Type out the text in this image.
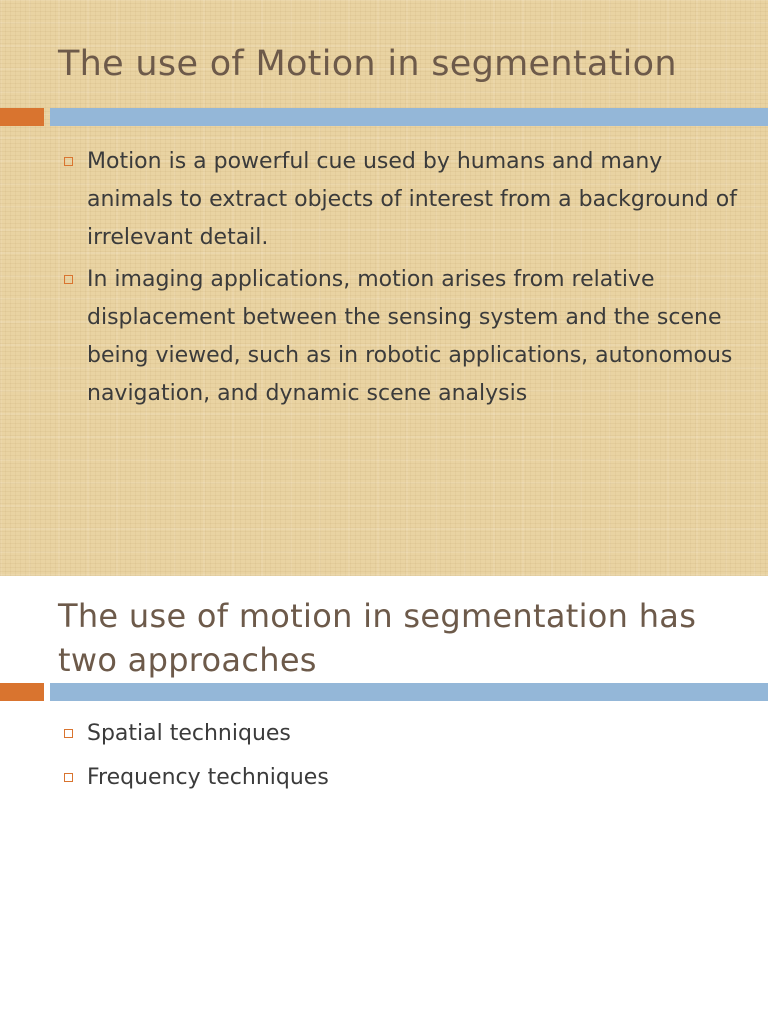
The use of Motion in segmentation
Motion is a powerful cue used by humans and many animals to extract objects of interest from a background of irrelevant detail.
In imaging applications, motion arises from relative displacement between the sensing system and the scene being viewed, such as in robotic applications, autonomous navigation, and dynamic scene analysis
The use of motion in segmentation has two approaches
Spatial techniques
Frequency techniques
